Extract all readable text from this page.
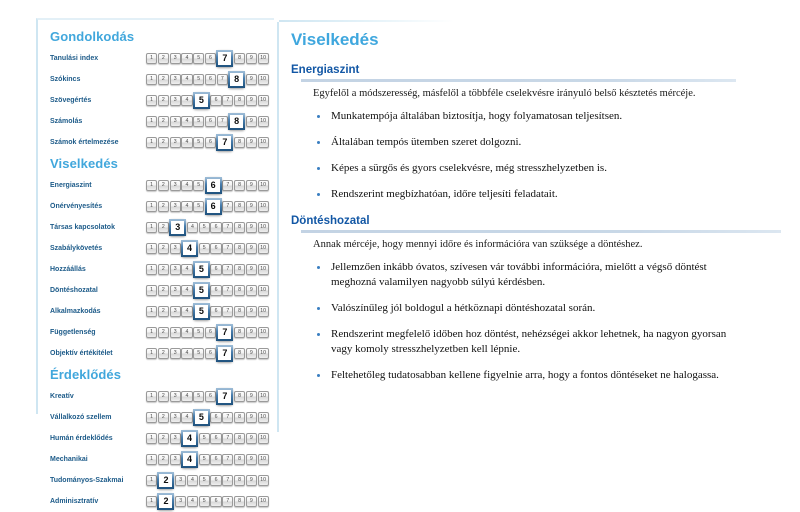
Gondolkodás
Tanulási index	1	2	3	4	5	6	7	8	9	10
Szókincs	1	2	3	4	5	6	7	8	9	10
Szövegértés	1	2	3	4	5	6	7	8	9	10
Számolás	1	2	3	4	5	6	7	8	9	10
Számok értelmezése	1	2	3	4	5	6	7	8	9	10
Viselkedés
Energiaszint	1	2	3	4	5	6	7	8	9	10
Önérvényesítés	1	2	3	4	5	6	7	8	9	10
Társas kapcsolatok	1	2	3	4	5	6	7	8	9	10
Szabálykövetés	1	2	3	4	5	6	7	8	9	10
Hozzáállás	1	2	3	4	5	6	7	8	9	10
Döntéshozatal	1	2	3	4	5	6	7	8	9	10
Alkalmazkodás	1	2	3	4	5	6	7	8	9	10
Függetlenség	1	2	3	4	5	6	7	8	9	10
Objektív értékítélet	1	2	3	4	5	6	7	8	9	10
Érdeklődés
Kreatív	1	2	3	4	5	6	7	8	9	10
Vállalkozó szellem	1	2	3	4	5	6	7	8	9	10
Humán érdeklődés	1	2	3	4	5	6	7	8	9	10
Mechanikai	1	2	3	4	5	6	7	8	9	10
Tudományos-Szakmai	1	2	3	4	5	6	7	8	9	10
Adminisztratív	1	2	3	4	5	6	7	8	9	10
Viselkedés
Energiaszint
Egyfelől a módszeresség, másfelől a többféle cselekvésre irányuló belső késztetés mércéje.
Munkatempója általában biztosítja, hogy folyamatosan teljesítsen.
Általában tempós ütemben szeret dolgozni.
Képes a sürgős és gyors cselekvésre, még stresszhelyzetben is.
Rendszerint megbízhatóan, időre teljesíti feladatait.
Döntéshozatal
Annak mércéje, hogy mennyi időre és információra van szüksége a döntéshez.
Jellemzően inkább óvatos, szívesen vár további információra, mielőtt a végső döntést meghozná valamilyen nagyobb súlyú kérdésben.
Valószínűleg jól boldogul a hétköznapi döntéshozatal során.
Rendszerint megfelelő időben hoz döntést, nehézségei akkor lehetnek, ha nagyon gyorsan vagy komoly stresszhelyzetben kell lépnie.
Feltehetőleg tudatosabban kellene figyelnie arra, hogy a fontos döntéseket ne halogassa.
